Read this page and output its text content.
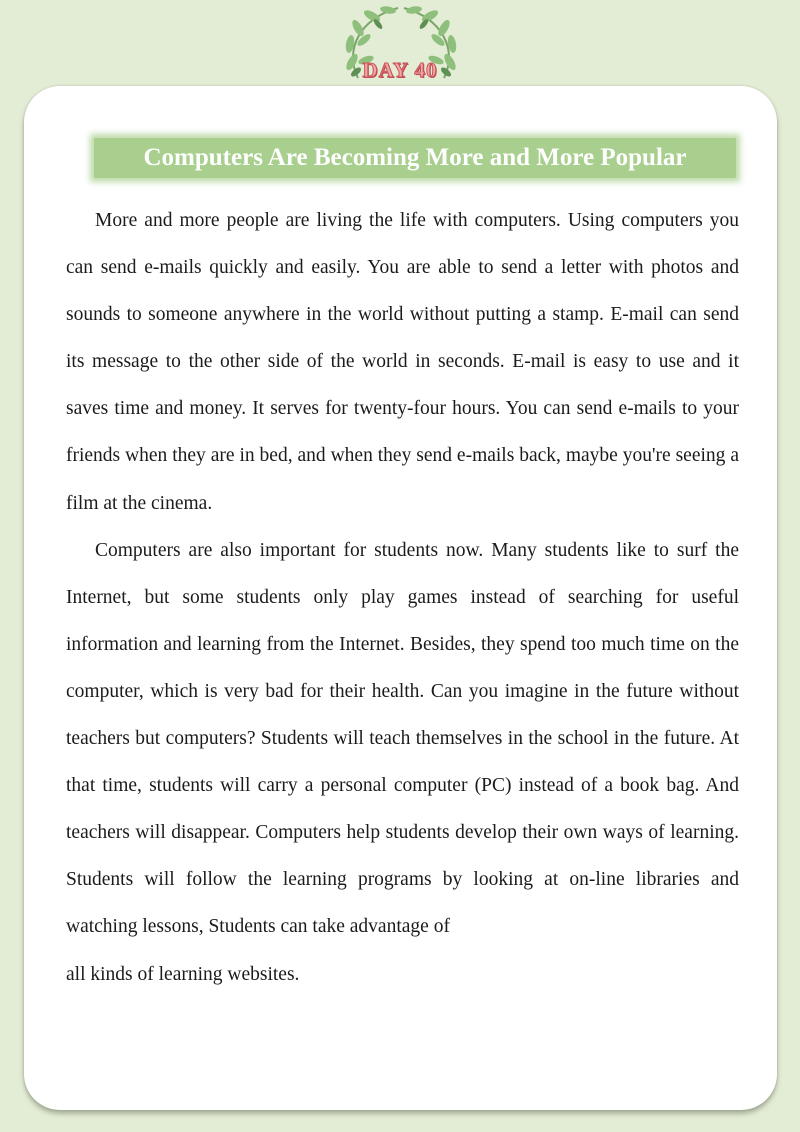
DAY 40
Computers Are Becoming More and More Popular

More and more people are living the life with computers. Using computers you can send e-mails quickly and easily. You are able to send a letter with photos and sounds to someone anywhere in the world without putting a stamp. E-mail can send its message to the other side of the world in seconds. E-mail is easy to use and it saves time and money. It serves for twenty-four hours. You can send e-mails to your friends when they are in bed, and when they send e-mails back, maybe you're seeing a film at the cinema.

Computers are also important for students now. Many students like to surf the Internet, but some students only play games instead of searching for useful information and learning from the Internet. Besides, they spend too much time on the computer, which is very bad for their health. Can you imagine in the future without teachers but computers? Students will teach themselves in the school in the future. At that time, students will carry a personal computer (PC) instead of a book bag. And teachers will disappear. Computers help students develop their own ways of learning. Students will follow the learning programs by looking at on-line libraries and watching lessons, Students can take advantage of

all kinds of learning websites.
